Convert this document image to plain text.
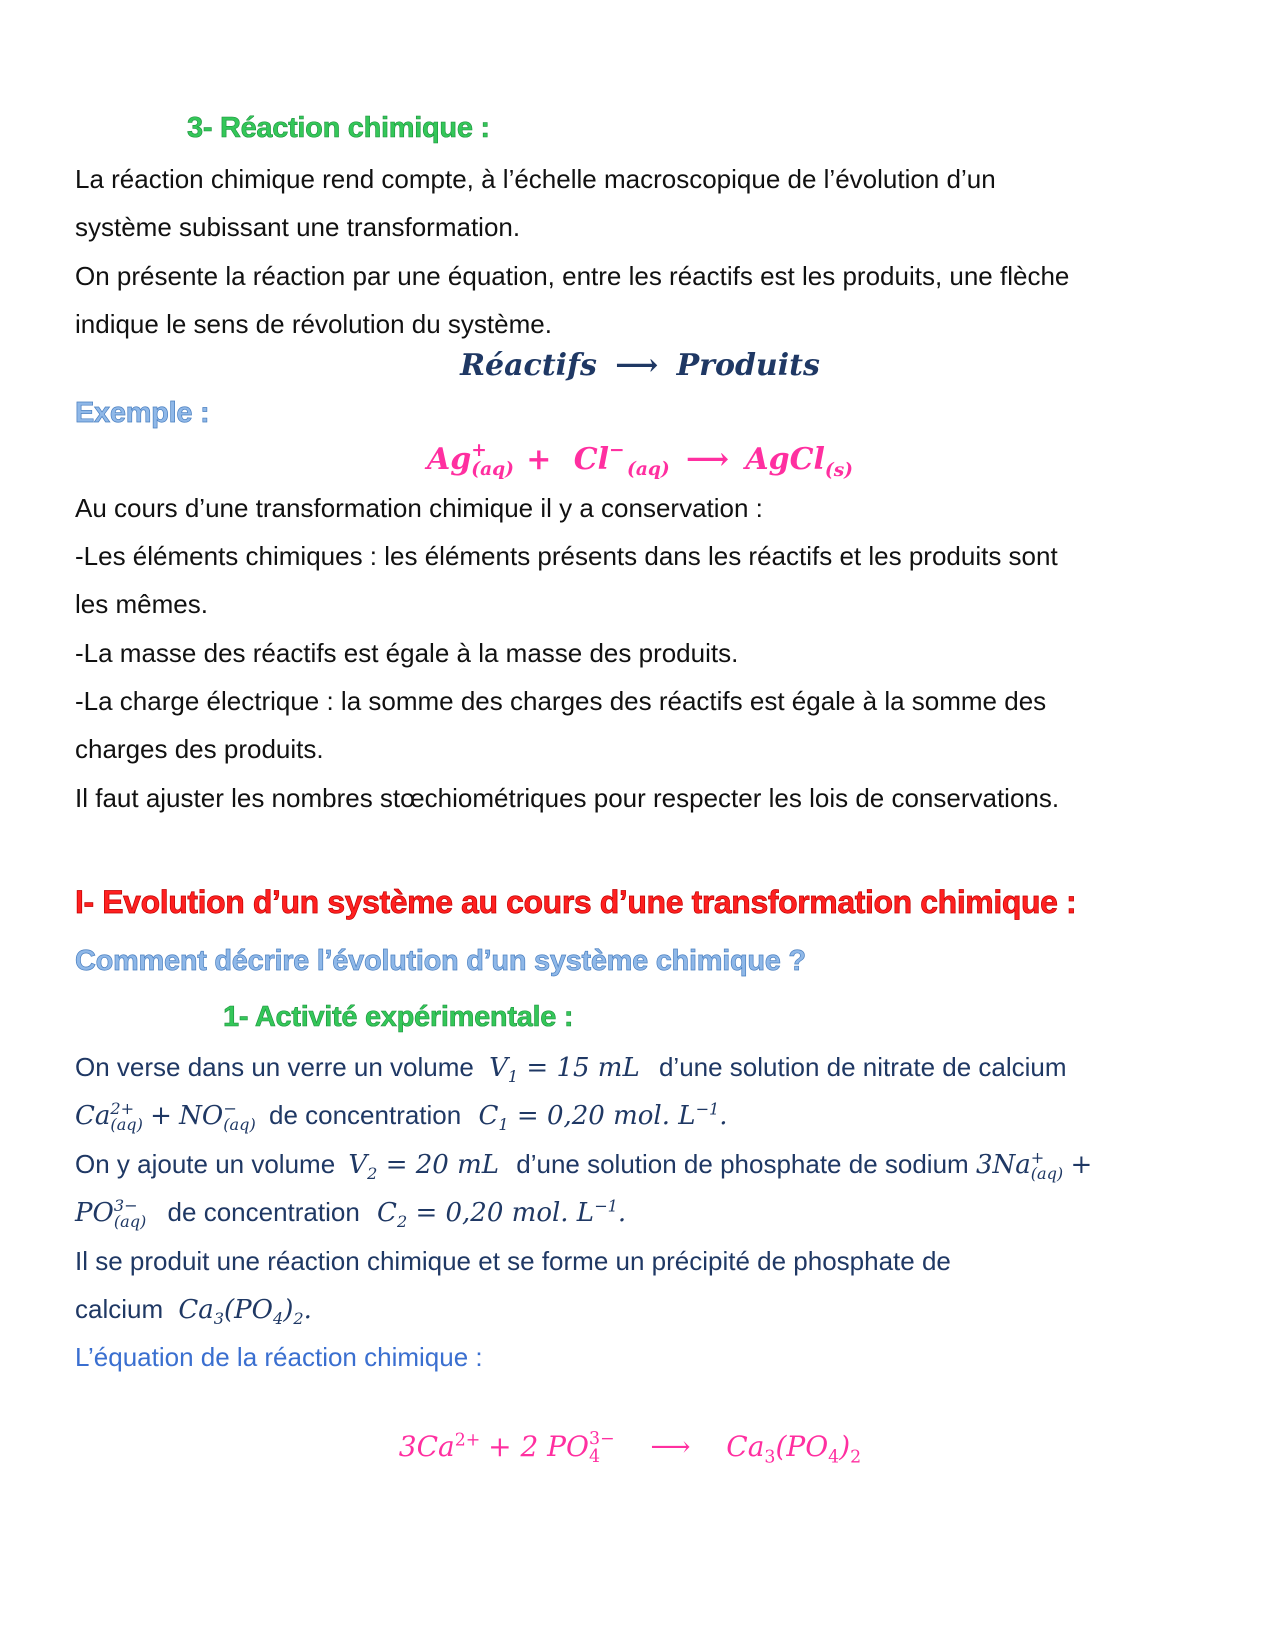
3- Réaction chimique :

La réaction chimique rend compte, à l’échelle macroscopique de l’évolution d’un

système subissant une transformation.

On présente la réaction par une équation, entre les réactifs est les produits, une flèche

indique le sens de révolution du système.

Réactifs ⟶ Produits
Exemple :
Ag +
(aq) + Cl −
(aq) ⟶ AgCl$_{(s)}$

Au cours d’une transformation chimique il y a conservation :

-Les éléments chimiques : les éléments présents dans les réactifs et les produits sont

les mêmes.

-La masse des réactifs est égale à la masse des produits.

-La charge électrique : la somme des charges des réactifs est égale à la somme des

charges des produits.

Il faut ajuster les nombres stœchiométriques pour respecter les lois de conservations.

I- Evolution d’un système au cours d’une transformation chimique :
Comment décrire l’évolution d’un système chimique ?
1- Activité expérimentale :

On verse dans un verre un volume $V_1 = 15$ mL d’une solution de nitrate de calcium

Ca 2+
(aq) + NO −
(aq) de concentration $C_1 = 0,20$ mol. $L^{-1}$.

On y ajoute un volume $V_2 = 20$ mL d’une solution de phosphate de sodium 3Na +
(aq) +

PO 3−
(aq) de concentration $C_2 = 0,20$ mol. $L^{-1}$.

Il se produit une réaction chimique et se forme un précipité de phosphate de

calcium $Ca_3(PO_4)_2$.

L’équation de la réaction chimique :

$3Ca^{2+} + 2$ PO 3−
4	⟶ $Ca_3(PO_4)_2$
